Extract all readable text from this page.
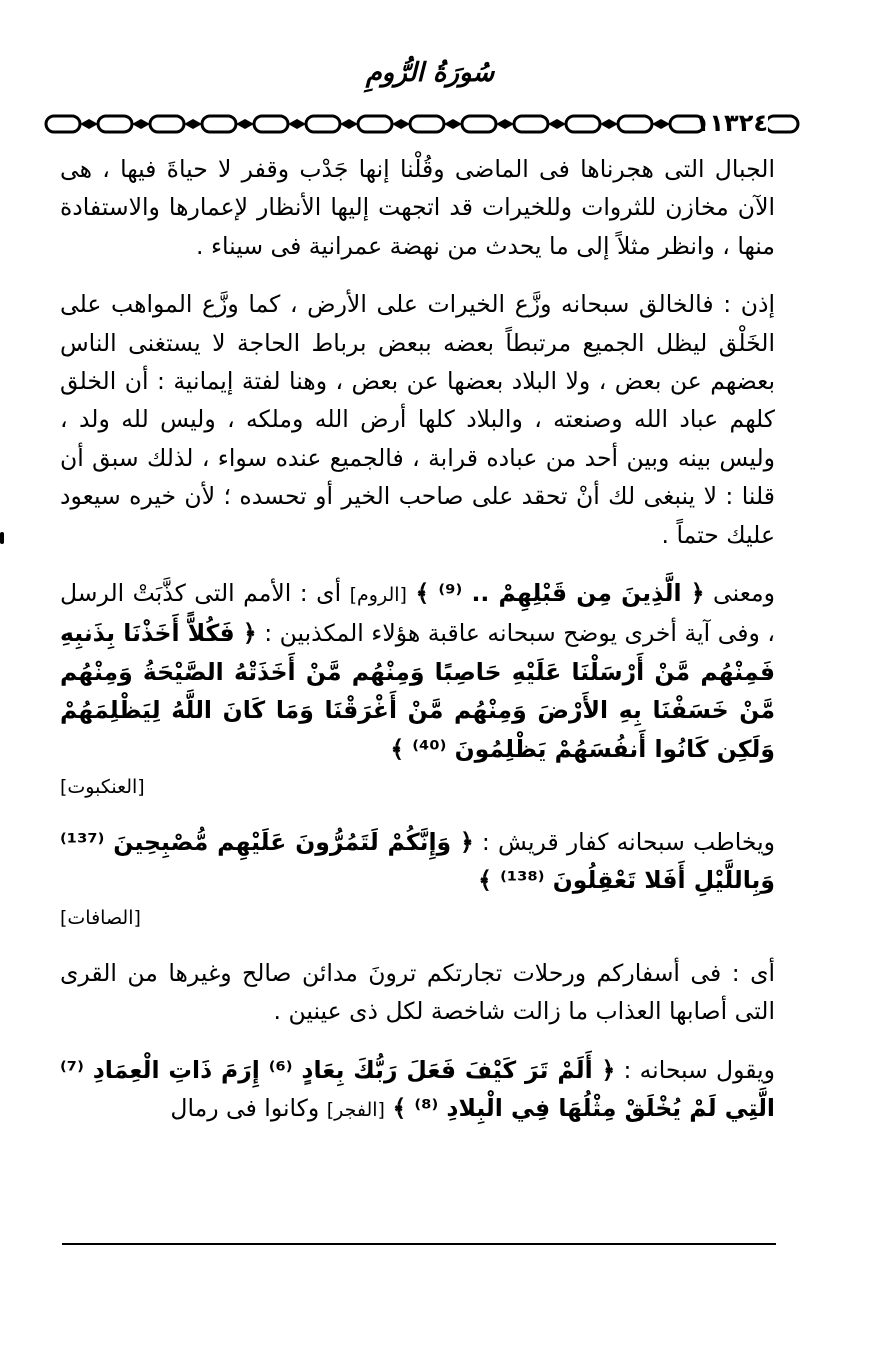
سُورَةُ الرُّومِ
١١٣٢٤

الجبال التى هجرناها فى الماضى وقُلْنا إنها جَدْب وقفر لا حياةَ فيها ، هى الآن مخازن للثروات وللخيرات قد اتجهت إليها الأنظار لإعمارها والاستفادة منها ، وانظر مثلاً إلى ما يحدث من نهضة عمرانية فى سيناء .

إذن : فالخالق سبحانه وزَّع الخيرات على الأرض ، كما وزَّع المواهب على الخَلْق ليظل الجميع مرتبطاً بعضه ببعض برباط الحاجة لا يستغنى الناس بعضهم عن بعض ، ولا البلاد بعضها عن بعض ، وهنا لفتة إيمانية : أن الخلق كلهم عباد الله وصنعته ، والبلاد كلها أرض الله وملكه ، وليس لله ولد ، وليس بينه وبين أحد من عباده قرابة ، فالجميع عنده سواء ، لذلك سبق أن قلنا : لا ينبغى لك أنْ تحقد على صاحب الخير أو تحسده ؛ لأن خيره سيعود عليك حتماً .

ومعنى ﴿ الَّذِينَ مِن قَبْلِهِمْ .. ⁽⁹⁾ ﴾ [الروم] أى : الأمم التى كذَّبَتْ الرسل ، وفى آية أخرى يوضح سبحانه عاقبة هؤلاء المكذبين : ﴿ فَكُلاًّ أَخَذْنَا بِذَنبِهِ فَمِنْهُم مَّنْ أَرْسَلْنَا عَلَيْهِ حَاصِبًا وَمِنْهُم مَّنْ أَخَذَتْهُ الصَّيْحَةُ وَمِنْهُم مَّنْ خَسَفْنَا بِهِ الأَرْضَ وَمِنْهُم مَّنْ أَغْرَقْنَا وَمَا كَانَ اللَّهُ لِيَظْلِمَهُمْ وَلَكِن كَانُوا أَنفُسَهُمْ يَظْلِمُونَ ⁽⁴⁰⁾ ﴾
[العنكبوت]
ويخاطب سبحانه كفار قريش : ﴿ وَإِنَّكُمْ لَتَمُرُّونَ عَلَيْهِم مُّصْبِحِينَ ⁽¹³⁷⁾ وَبِاللَّيْلِ أَفَلا تَعْقِلُونَ ⁽¹³⁸⁾ ﴾
[الصافات]

أى : فى أسفاركم ورحلات تجارتكم ترونَ مدائن صالح وغيرها من القرى التى أصابها العذاب ما زالت شاخصة لكل ذى عينين .

ويقول سبحانه : ﴿ أَلَمْ تَرَ كَيْفَ فَعَلَ رَبُّكَ بِعَادٍ ⁽⁶⁾ إِرَمَ ذَاتِ الْعِمَادِ ⁽⁷⁾ الَّتِي لَمْ يُخْلَقْ مِثْلُهَا فِي الْبِلادِ ⁽⁸⁾ ﴾ [الفجر] وكانوا فى رمال
